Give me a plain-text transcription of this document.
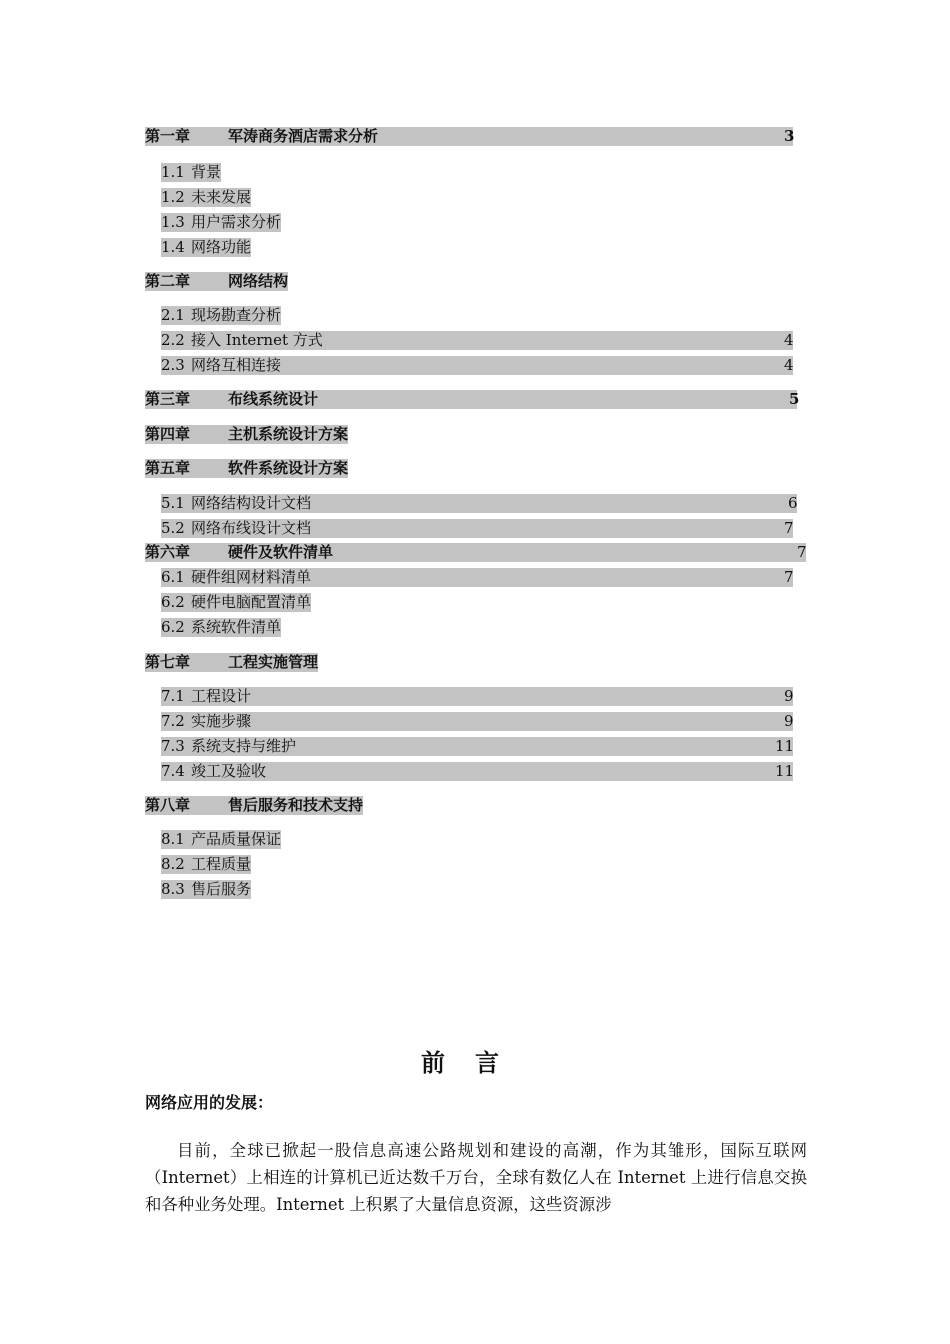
第一章	军涛商务酒店需求分析	3
1.1 背景
1.2 未来发展
1.3 用户需求分析
1.4 网络功能
第二章	网络结构
2.1 现场勘查分析
2.2 接入 Internet 方式	4
2.3 网络互相连接	4
第三章	布线系统设计	5
第四章	主机系统设计方案
第五章	软件系统设计方案
5.1 网络结构设计文档	6
5.2 网络布线设计文档	7
第六章	硬件及软件清单	7
6.1 硬件组网材料清单	7
6.2 硬件电脑配置清单
6.2 系统软件清单
第七章	工程实施管理
7.1 工程设计	9
7.2 实施步骤	9
7.3 系统支持与维护	11
7.4 竣工及验收	11
第八章	售后服务和技术支持
8.1 产品质量保证
8.2 工程质量
8.3 售后服务
前言
网络应用的发展：
目前，全球已掀起一股信息高速公路规划和建设的高潮，作为其雏形，国际互联网（Internet）上相连的计算机已近达数千万台，全球有数亿人在 Internet 上进行信息交换和各种业务处理。Internet 上积累了大量信息资源，这些资源涉
